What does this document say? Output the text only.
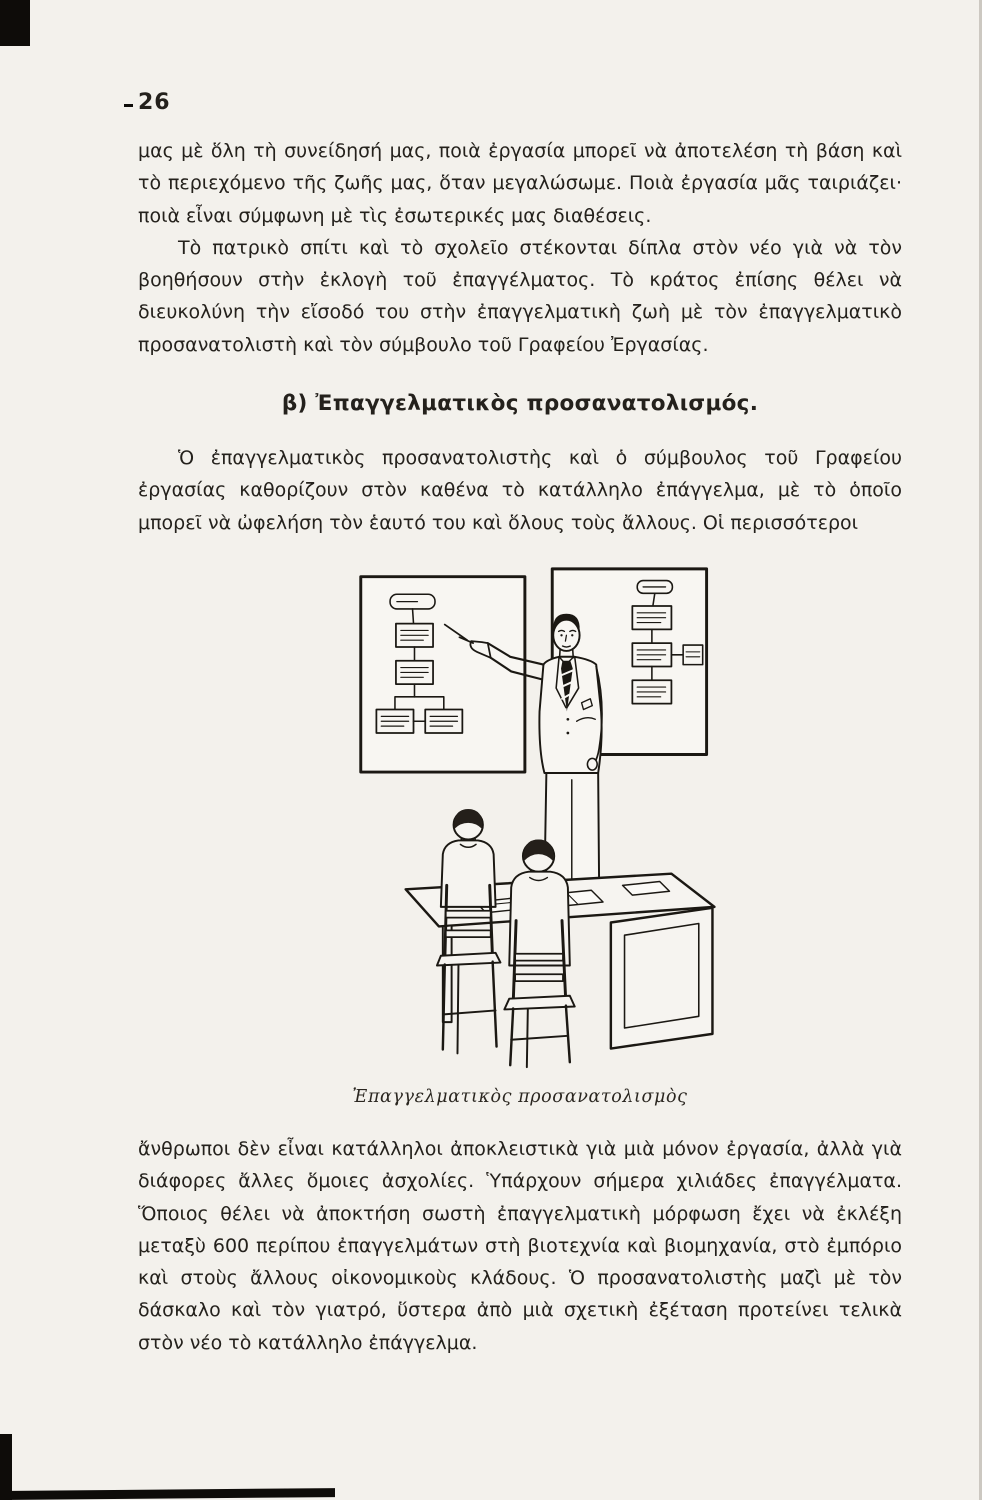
26

μας μὲ ὅλη τὴ συνείδησή μας, ποιὰ ἐργασία μπορεῖ νὰ ἀποτελέση τὴ βάση καὶ τὸ περιεχόμενο τῆς ζωῆς μας, ὅταν μεγαλώσωμε. Ποιὰ ἐργασία μᾶς ταιριάζει· ποιὰ εἶναι σύμφωνη μὲ τὶς ἐσωτερικές μας διαθέσεις.

Τὸ πατρικὸ σπίτι καὶ τὸ σχολεῖο στέκονται δίπλα στὸν νέο γιὰ νὰ τὸν βοηθήσουν στὴν ἐκλογὴ τοῦ ἐπαγγέλματος. Τὸ κράτος ἐπίσης θέλει νὰ διευκολύνη τὴν εἴσοδό του στὴν ἐπαγγελματικὴ ζωὴ μὲ τὸν ἐπαγγελματικὸ προσανατολιστὴ καὶ τὸν σύμβουλο τοῦ Γραφείου Ἐργασίας.

β) Ἐπαγγελματικὸς προσανατολισμός.

Ὁ ἐπαγγελματικὸς προσανατολιστὴς καὶ ὁ σύμβουλος τοῦ Γραφείου ἐργασίας καθορίζουν στὸν καθένα τὸ κατάλληλο ἐπάγγελμα, μὲ τὸ ὁποῖο μπορεῖ νὰ ὠφελήση τὸν ἑαυτό του καὶ ὅλους τοὺς ἄλλους. Οἱ περισσότεροι

Ἐπαγγελματικὸς προσανατολισμὸς

ἄνθρωποι δὲν εἶναι κατάλληλοι ἀποκλειστικὰ γιὰ μιὰ μόνον ἐργασία, ἀλλὰ γιὰ διάφορες ἄλλες ὅμοιες ἀσχολίες. Ὑπάρχουν σήμερα χιλιάδες ἐπαγγέλματα. Ὅποιος θέλει νὰ ἀποκτήση σωστὴ ἐπαγγελματικὴ μόρφωση ἔχει νὰ ἐκλέξη μεταξὺ 600 περίπου ἐπαγγελμάτων στὴ βιοτεχνία καὶ βιομηχανία, στὸ ἐμπόριο καὶ στοὺς ἄλλους οἰκονομικοὺς κλάδους. Ὁ προσανατολιστὴς μαζὶ μὲ τὸν δάσκαλο καὶ τὸν γιατρό, ὕστερα ἀπὸ μιὰ σχετικὴ ἐξέταση προτείνει τελικὰ στὸν νέο τὸ κατάλληλο ἐπάγγελμα.
